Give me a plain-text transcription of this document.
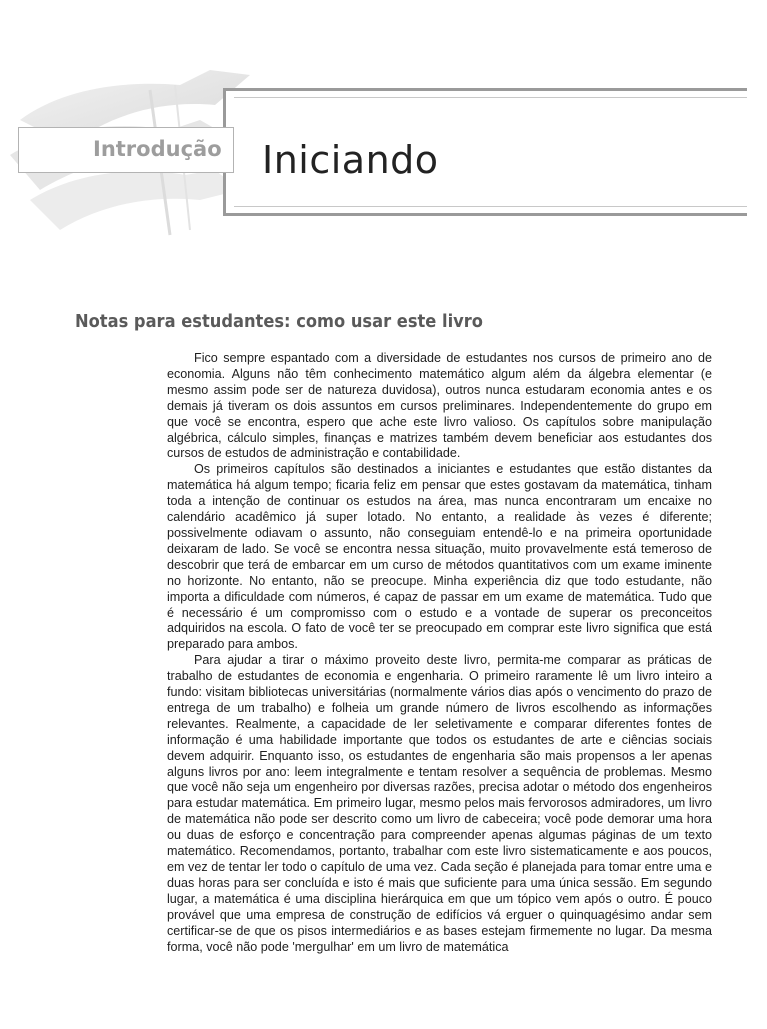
Iniciando
Introdução
Notas para estudantes: como usar este livro

Fico sempre espantado com a diversidade de estudantes nos cursos de primeiro ano de economia. Alguns não têm conhecimento matemático algum além da álgebra elementar (e mesmo assim pode ser de natureza duvidosa), outros nunca estudaram economia antes e os demais já tiveram os dois assuntos em cursos preliminares. Independentemente do grupo em que você se encontra, espero que ache este livro valioso. Os capítulos sobre manipulação algébrica, cálculo simples, finanças e matrizes também devem beneficiar aos estudantes dos cursos de estudos de administração e contabilidade.

Os primeiros capítulos são destinados a iniciantes e estudantes que estão distantes da matemática há algum tempo; ficaria feliz em pensar que estes gostavam da matemática, tinham toda a intenção de continuar os estudos na área, mas nunca encontraram um encaixe no calendário acadêmico já super lotado. No entanto, a realidade às vezes é diferente; possivelmente odiavam o assunto, não conseguiam entendê-lo e na primeira oportunidade deixaram de lado. Se você se encontra nessa situação, muito provavelmente está temeroso de descobrir que terá de embarcar em um curso de métodos quantitativos com um exame iminente no horizonte. No entanto, não se preocupe. Minha experiência diz que todo estudante, não importa a dificuldade com números, é capaz de passar em um exame de matemática. Tudo que é necessário é um compromisso com o estudo e a vontade de superar os preconceitos adquiridos na escola. O fato de você ter se preocupado em comprar este livro significa que está preparado para ambos.

Para ajudar a tirar o máximo proveito deste livro, permita-me comparar as práticas de trabalho de estudantes de economia e engenharia. O primeiro raramente lê um livro inteiro a fundo: visitam bibliotecas universitárias (normalmente vários dias após o vencimento do prazo de entrega de um trabalho) e folheia um grande número de livros escolhendo as informações relevantes. Realmente, a capacidade de ler seletivamente e comparar diferentes fontes de informação é uma habilidade importante que todos os estudantes de arte e ciências sociais devem adquirir. Enquanto isso, os estudantes de engenharia são mais propensos a ler apenas alguns livros por ano: leem integralmente e tentam resolver a sequência de problemas. Mesmo que você não seja um engenheiro por diversas razões, precisa adotar o método dos engenheiros para estudar matemática. Em primeiro lugar, mesmo pelos mais fervorosos admiradores, um livro de matemática não pode ser descrito como um livro de cabeceira; você pode demorar uma hora ou duas de esforço e concentração para compreender apenas algumas páginas de um texto matemático. Recomendamos, portanto, trabalhar com este livro sistematicamente e aos poucos, em vez de tentar ler todo o capítulo de uma vez. Cada seção é planejada para tomar entre uma e duas horas para ser concluída e isto é mais que suficiente para uma única sessão. Em segundo lugar, a matemática é uma disciplina hierárquica em que um tópico vem após o outro. É pouco provável que uma empresa de construção de edifícios vá erguer o quinquagésimo andar sem certificar-se de que os pisos intermediários e as bases estejam firmemente no lugar. Da mesma forma, você não pode 'mergulhar' em um livro de matemática
